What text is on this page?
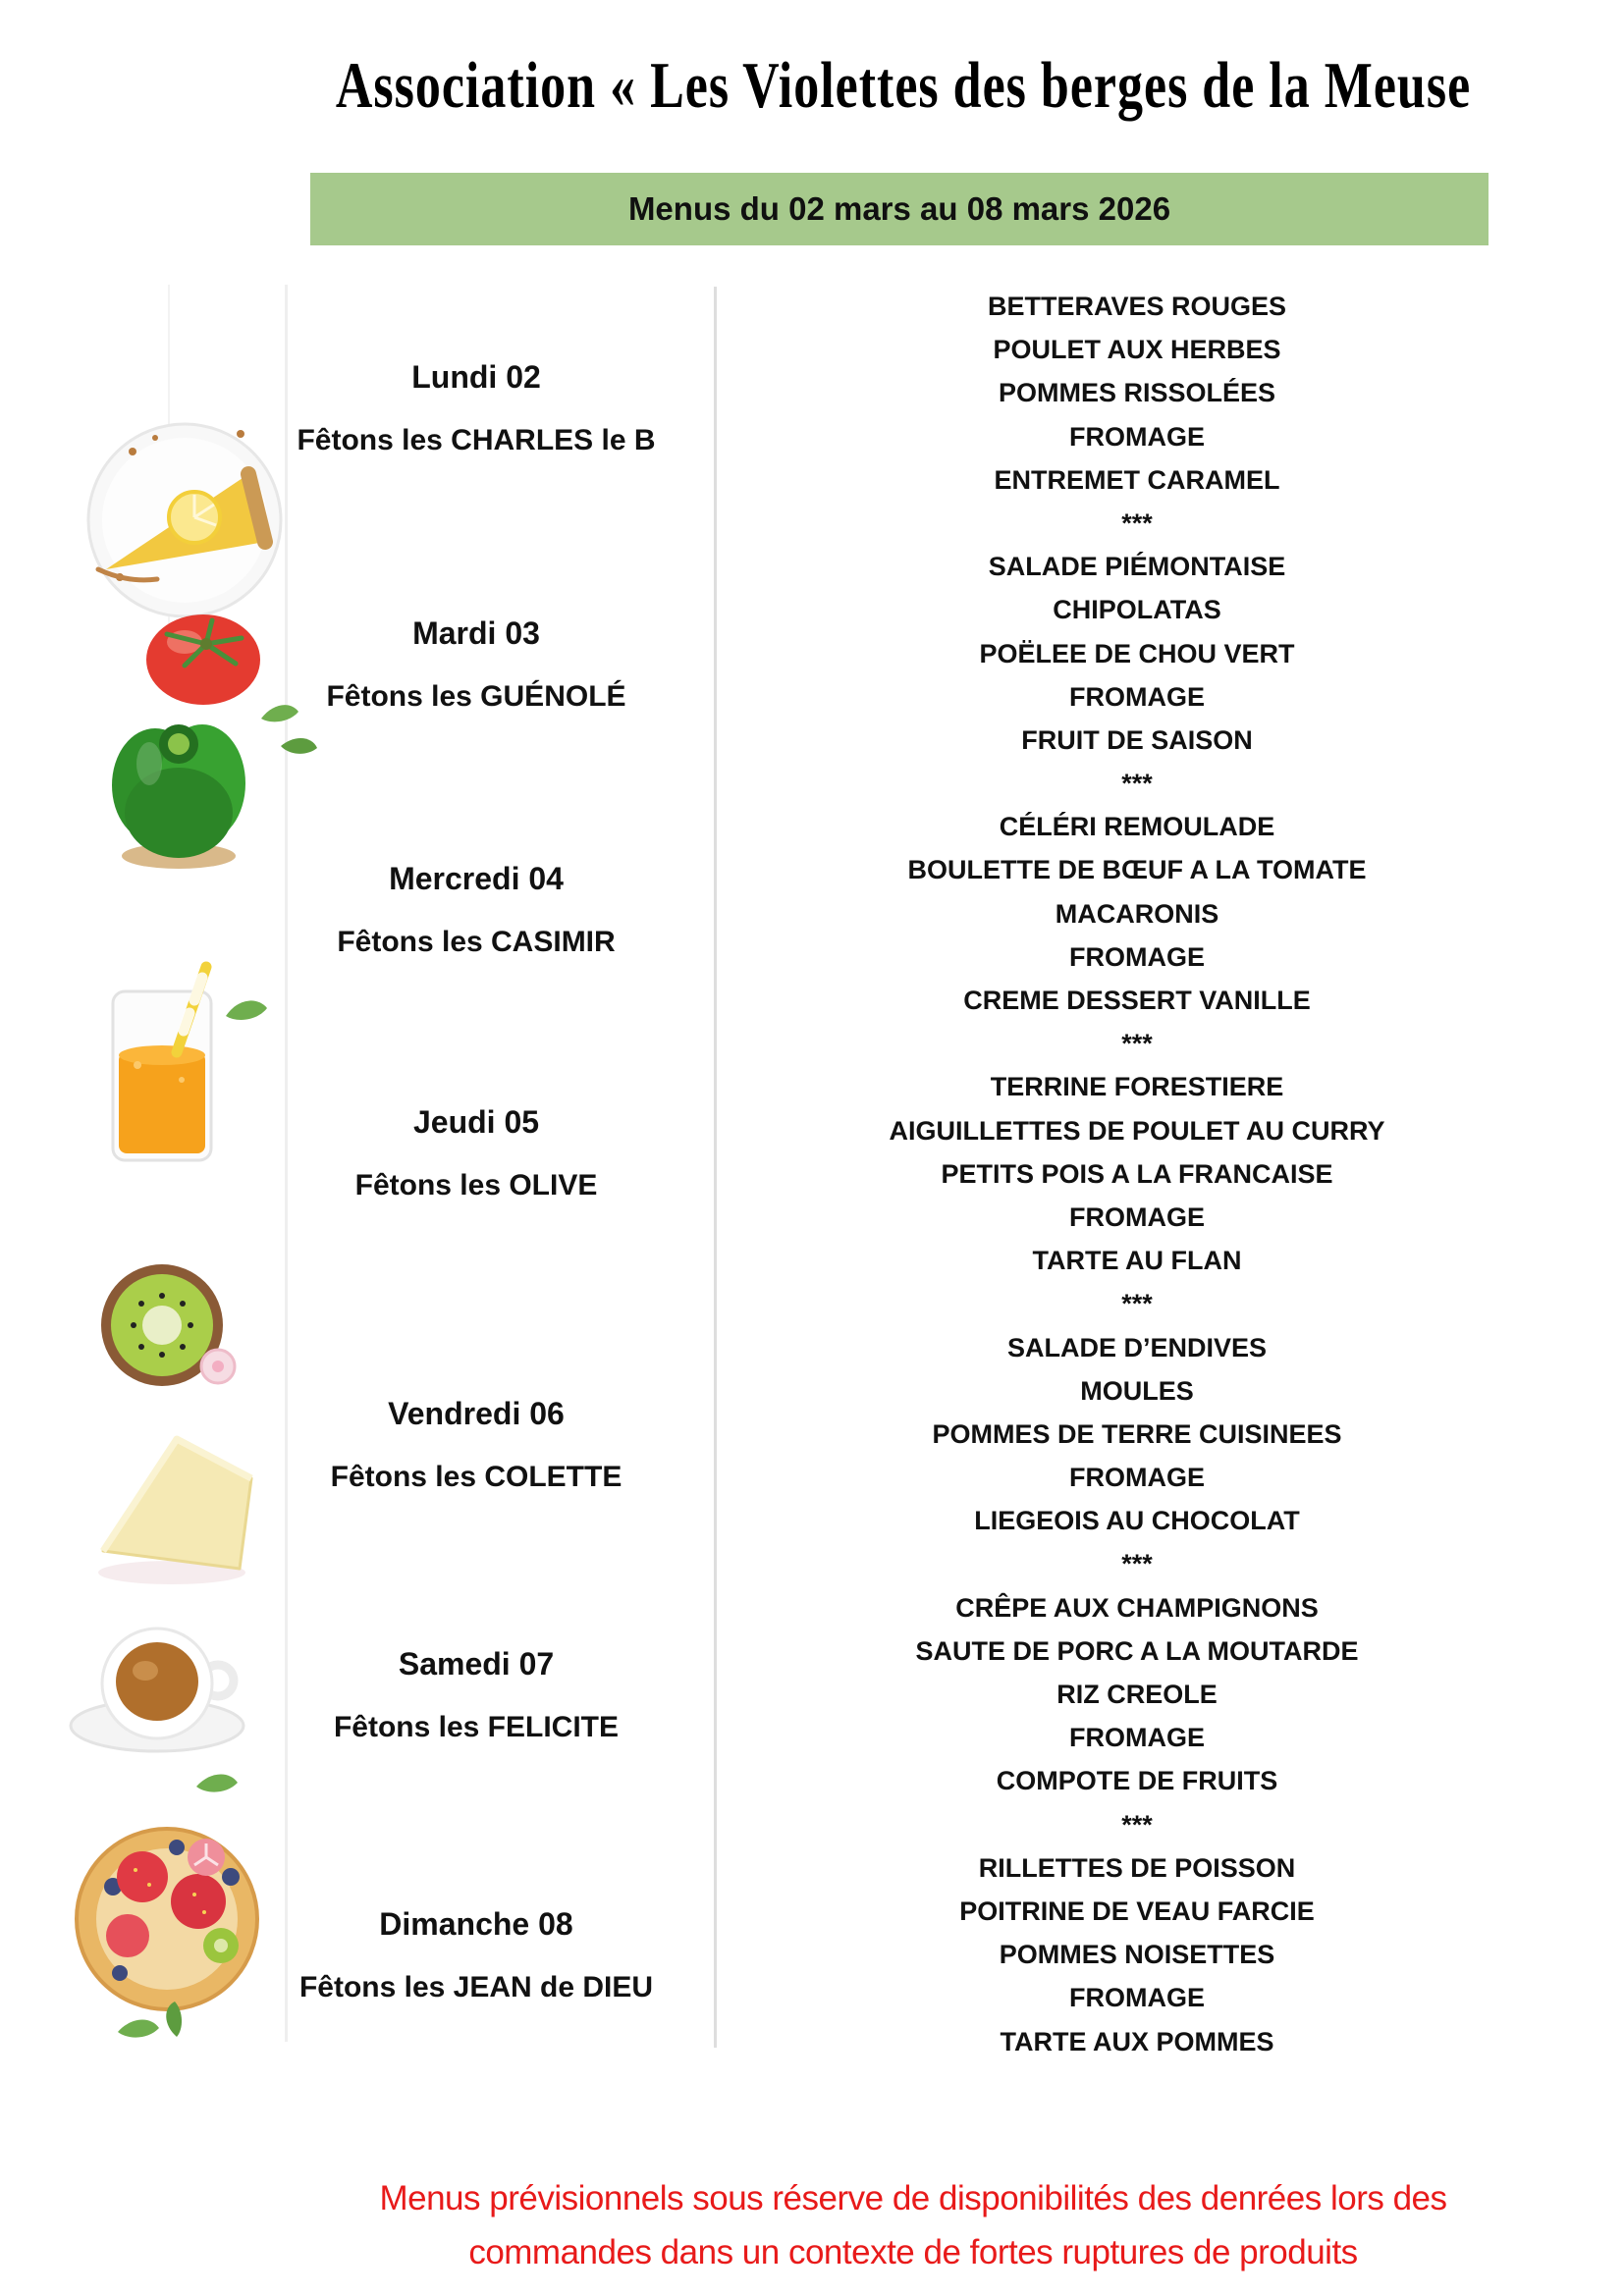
Association « Les Violettes des berges de la Meuse
Menus du 02 mars au 08 mars 2026
Lundi 02
Fêtons les CHARLES le B
Mardi 03
Fêtons les GUÉNOLÉ
Mercredi 04
Fêtons les CASIMIR
Jeudi 05
Fêtons les OLIVE
Vendredi 06
Fêtons les COLETTE
Samedi 07
Fêtons les FELICITE
Dimanche 08
Fêtons les JEAN de DIEU
BETTERAVES ROUGES
POULET AUX HERBES
POMMES RISSOLÉES
FROMAGE
ENTREMET CARAMEL
***
SALADE PIÉMONTAISE
CHIPOLATAS
POËLEE DE CHOU VERT
FROMAGE
FRUIT DE SAISON
***
CÉLÉRI REMOULADE
BOULETTE DE BŒUF A LA TOMATE
MACARONIS
FROMAGE
CREME DESSERT VANILLE
***
TERRINE FORESTIERE
AIGUILLETTES DE POULET AU CURRY
PETITS POIS A LA FRANCAISE
FROMAGE
TARTE AU FLAN
***
SALADE D’ENDIVES
MOULES
POMMES DE TERRE CUISINEES
FROMAGE
LIEGEOIS AU CHOCOLAT
***
CRÊPE AUX CHAMPIGNONS
SAUTE DE PORC A LA MOUTARDE
RIZ CREOLE
FROMAGE
COMPOTE DE FRUITS
***
RILLETTES DE POISSON
POITRINE DE VEAU FARCIE
POMMES NOISETTES
FROMAGE
TARTE AUX POMMES
Menus prévisionnels sous réserve de disponibilités des denrées lors des
commandes dans un contexte de fortes ruptures de produits
